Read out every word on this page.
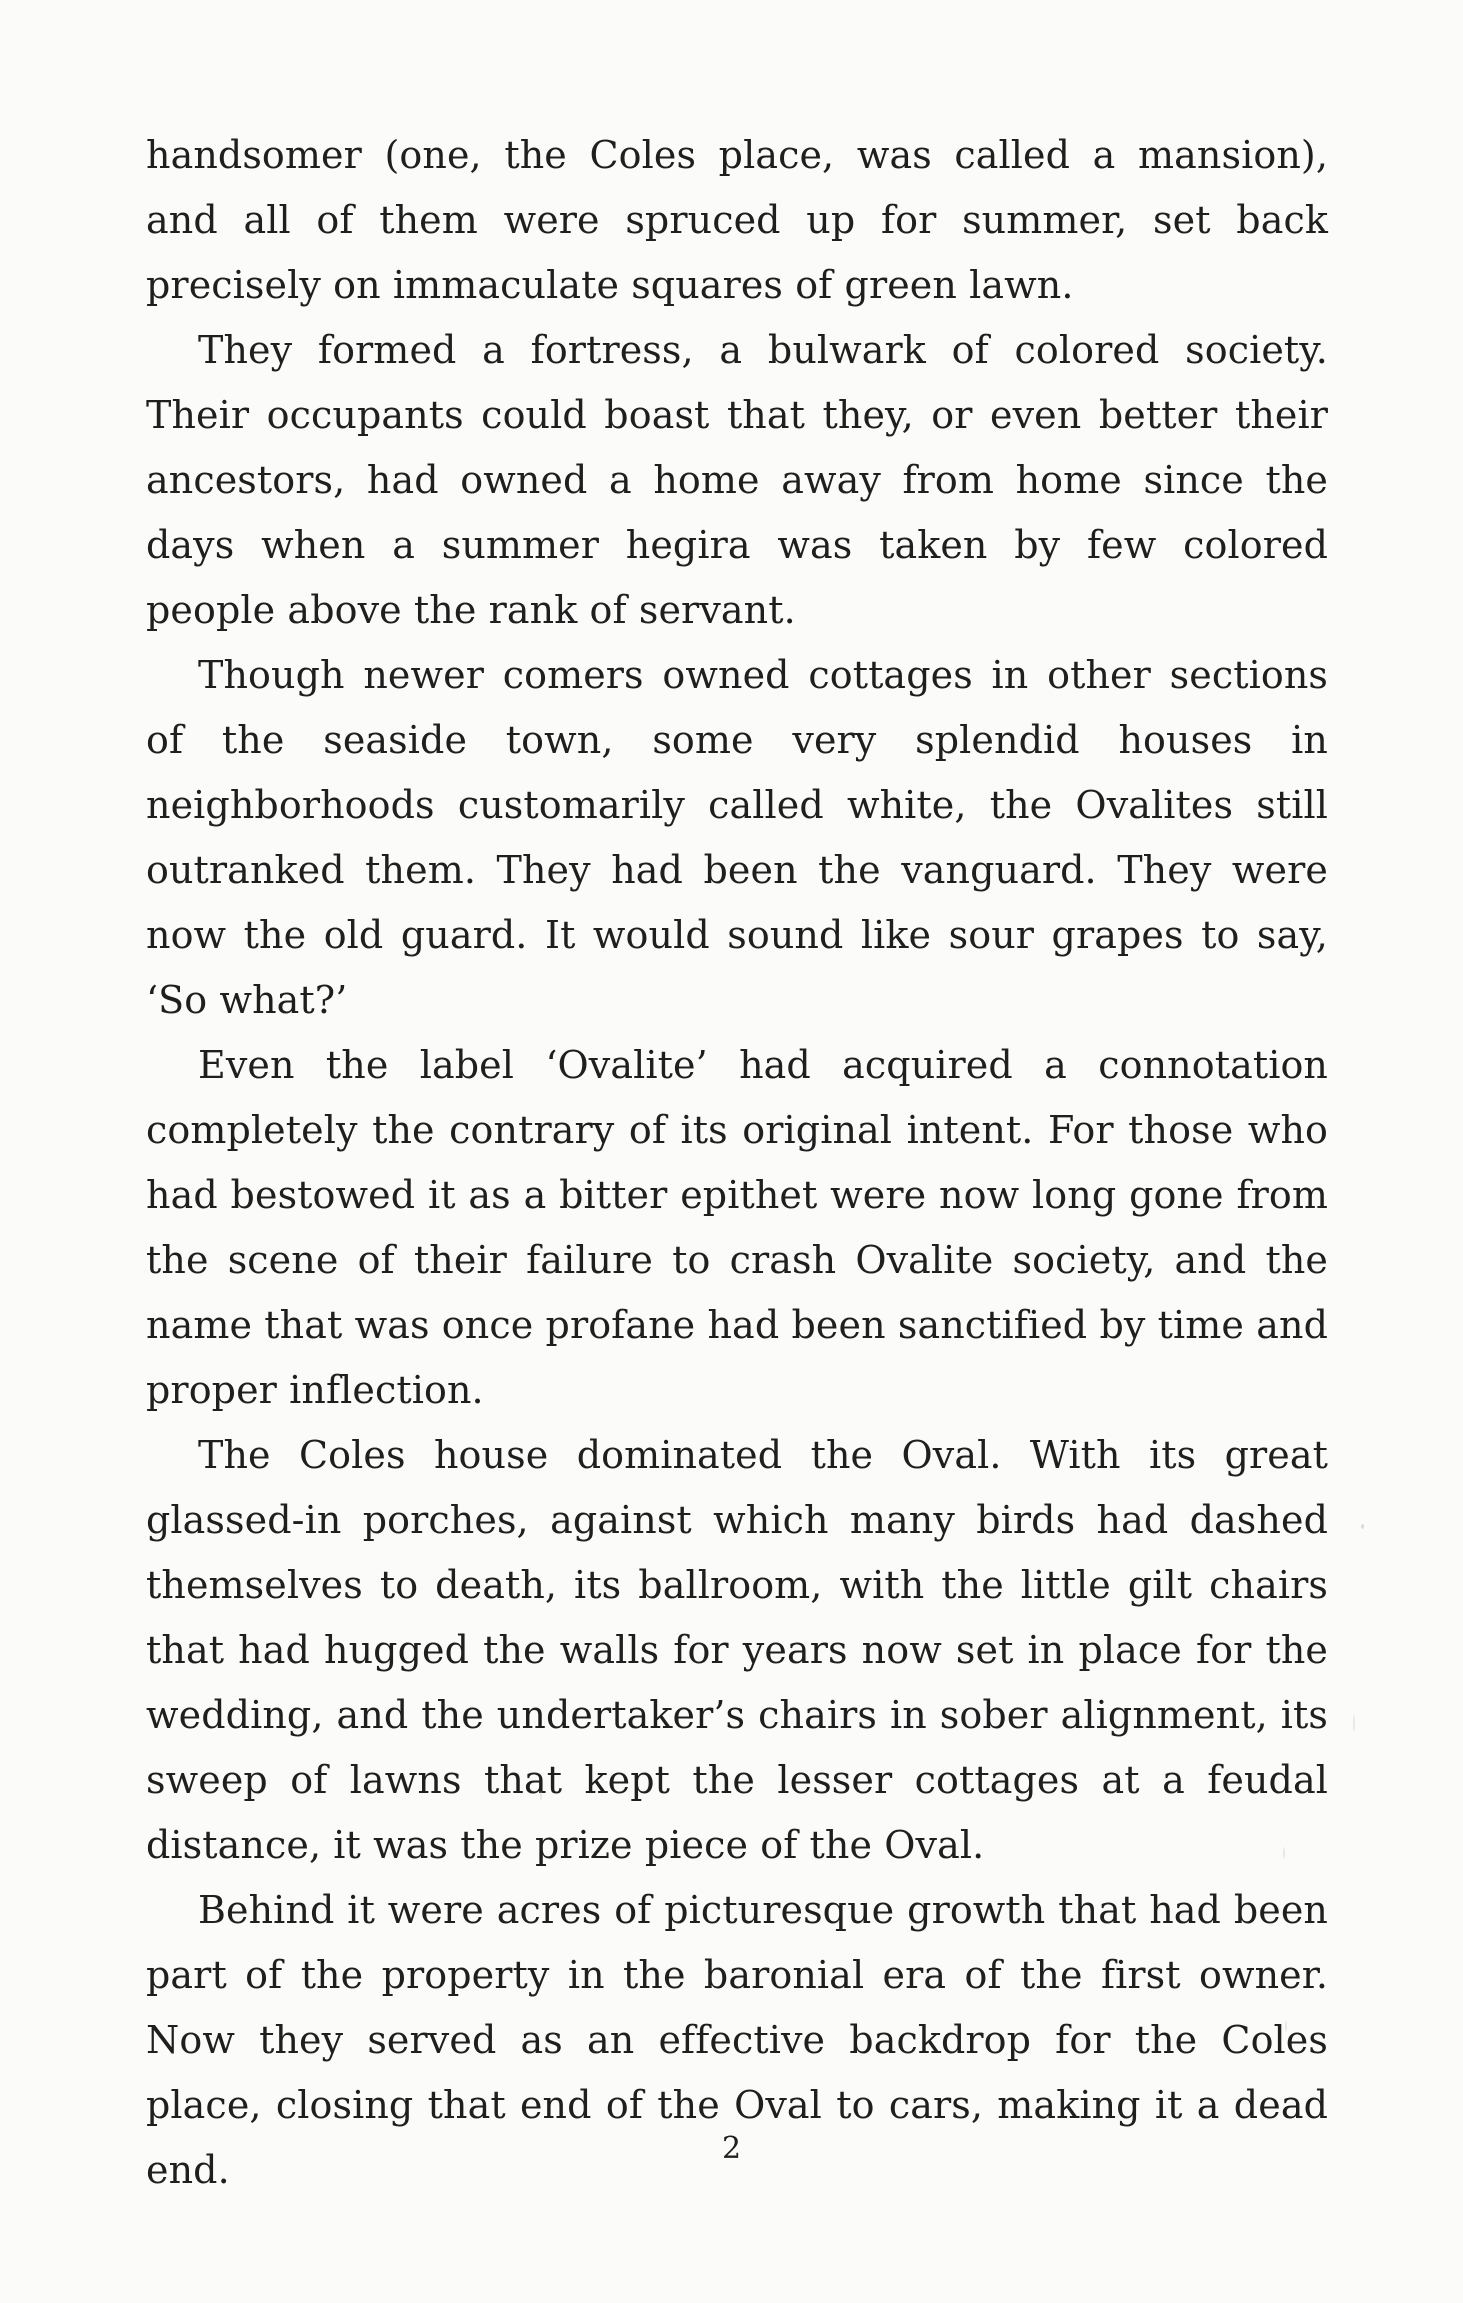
handsomer (one, the Coles place, was called a mansion), and all of them were spruced up for summer, set back precisely on immaculate squares of green lawn.

They formed a fortress, a bulwark of colored society. Their occupants could boast that they, or even better their ancestors, had owned a home away from home since the days when a summer hegira was taken by few colored people above the rank of servant.

Though newer comers owned cottages in other sections of the seaside town, some very splendid houses in neighborhoods customarily called white, the Ovalites still outranked them. They had been the vanguard. They were now the old guard. It would sound like sour grapes to say, ‘So what?’

Even the label ‘Ovalite’ had acquired a connotation completely the contrary of its original intent. For those who had bestowed it as a bitter epithet were now long gone from the scene of their failure to crash Ovalite society, and the name that was once profane had been sanctified by time and proper inflection.

The Coles house dominated the Oval. With its great glassed-in porches, against which many birds had dashed themselves to death, its ballroom, with the little gilt chairs that had hugged the walls for years now set in place for the wedding, and the undertaker’s chairs in sober alignment, its sweep of lawns that kept the lesser cottages at a feudal distance, it was the prize piece of the Oval.

Behind it were acres of picturesque growth that had been part of the property in the baronial era of the first owner. Now they served as an effective backdrop for the Coles place, closing that end of the Oval to cars, making it a dead end.	2
